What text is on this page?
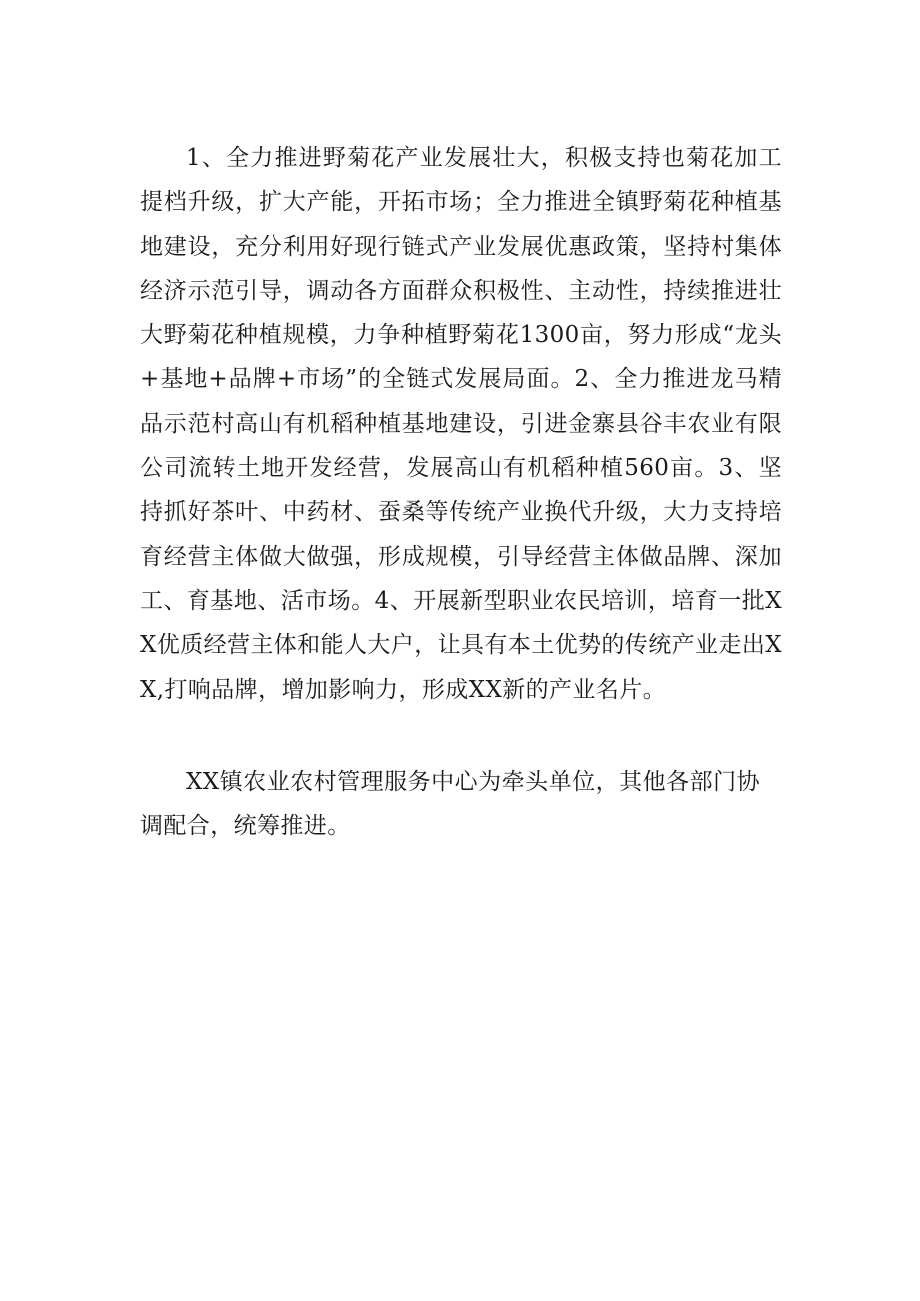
1、全力推进野菊花产业发展壮大，积极支持也菊花加工提档升级，扩大产能，开拓市场；全力推进全镇野菊花种植基地建设，充分利用好现行链式产业发展优惠政策，坚持村集体经济示范引导，调动各方面群众积极性、主动性，持续推进壮大野菊花种植规模，力争种植野菊花1300亩，努力形成“龙头+基地+品牌+市场”的全链式发展局面。2、全力推进龙马精品示范村高山有机稻种植基地建设，引进金寨县谷丰农业有限公司流转土地开发经营，发展高山有机稻种植560亩。3、坚持抓好茶叶、中药材、蚕桑等传统产业换代升级，大力支持培育经营主体做大做强，形成规模，引导经营主体做品牌、深加工、育基地、活市场。4、开展新型职业农民培训，培育一批XX优质经营主体和能人大户，让具有本土优势的传统产业走出XX,打响品牌，增加影响力，形成XX新的产业名片。

XX镇农业农村管理服务中心为牵头单位，其他各部门协调配合，统筹推进。
